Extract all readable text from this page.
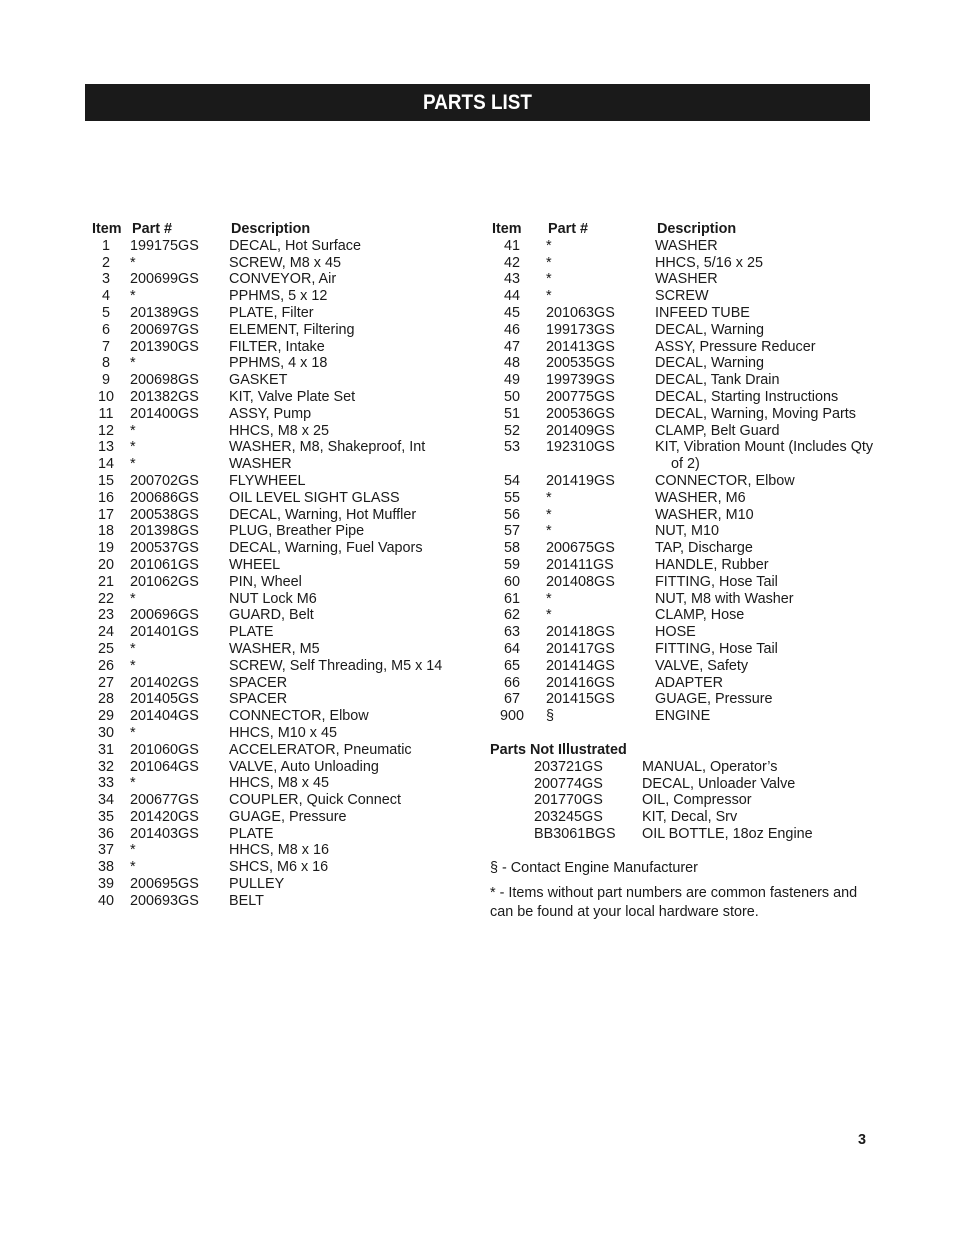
PARTS LIST
Item Part #	Description
1	199175GS	DECAL, Hot Surface
2	*	SCREW, M8 x 45
3	200699GS	CONVEYOR, Air
4	*	PPHMS, 5 x 12
5	201389GS	PLATE, Filter
6	200697GS	ELEMENT, Filtering
7	201390GS	FILTER, Intake
8	*	PPHMS, 4 x 18
9	200698GS	GASKET
10	201382GS	KIT, Valve Plate Set
11	201400GS	ASSY, Pump
12	*	HHCS, M8 x 25
13	*	WASHER, M8, Shakeproof, Int
14	*	WASHER
15	200702GS	FLYWHEEL
16	200686GS	OIL LEVEL SIGHT GLASS
17	200538GS	DECAL, Warning, Hot Muffler
18	201398GS	PLUG, Breather Pipe
19	200537GS	DECAL, Warning, Fuel Vapors
20	201061GS	WHEEL
21	201062GS	PIN, Wheel
22	*	NUT Lock M6
23	200696GS	GUARD, Belt
24	201401GS	PLATE
25	*	WASHER, M5
26	*	SCREW, Self Threading, M5 x 14
27	201402GS	SPACER
28	201405GS	SPACER
29	201404GS	CONNECTOR, Elbow
30	*	HHCS, M10 x 45
31	201060GS	ACCELERATOR, Pneumatic
32	201064GS	VALVE, Auto Unloading
33	*	HHCS, M8 x 45
34	200677GS	COUPLER, Quick Connect
35	201420GS	GUAGE, Pressure
36	201403GS	PLATE
37	*	HHCS, M8 x 16
38	*	SHCS, M6 x 16
39	200695GS	PULLEY
40	200693GS	BELT
Item	Part #	Description
41	*	WASHER
42	*	HHCS, 5/16 x 25
43	*	WASHER
44	*	SCREW
45	201063GS	INFEED TUBE
46	199173GS	DECAL, Warning
47	201413GS	ASSY, Pressure Reducer
48	200535GS	DECAL, Warning
49	199739GS	DECAL, Tank Drain
50	200775GS	DECAL, Starting Instructions
51	200536GS	DECAL, Warning, Moving Parts
52	201409GS	CLAMP, Belt Guard
53	192310GS	KIT, Vibration Mount (Includes Qty
of 2)
54	201419GS	CONNECTOR, Elbow
55	*	WASHER, M6
56	*	WASHER, M10
57	*	NUT, M10
58	200675GS	TAP, Discharge
59	201411GS	HANDLE, Rubber
60	201408GS	FITTING, Hose Tail
61	*	NUT, M8 with Washer
62	*	CLAMP, Hose
63	201418GS	HOSE
64	201417GS	FITTING, Hose Tail
65	201414GS	VALVE, Safety
66	201416GS	ADAPTER
67	201415GS	GUAGE, Pressure
900	§	ENGINE
Parts Not Illustrated
203721GS	MANUAL, Operator’s
200774GS	DECAL, Unloader Valve
201770GS	OIL, Compressor
203245GS	KIT, Decal, Srv
BB3061BGS	OIL BOTTLE, 18oz Engine
§ - Contact Engine Manufacturer
* - Items without part numbers are common fasteners and can be found at your local hardware store.
3
